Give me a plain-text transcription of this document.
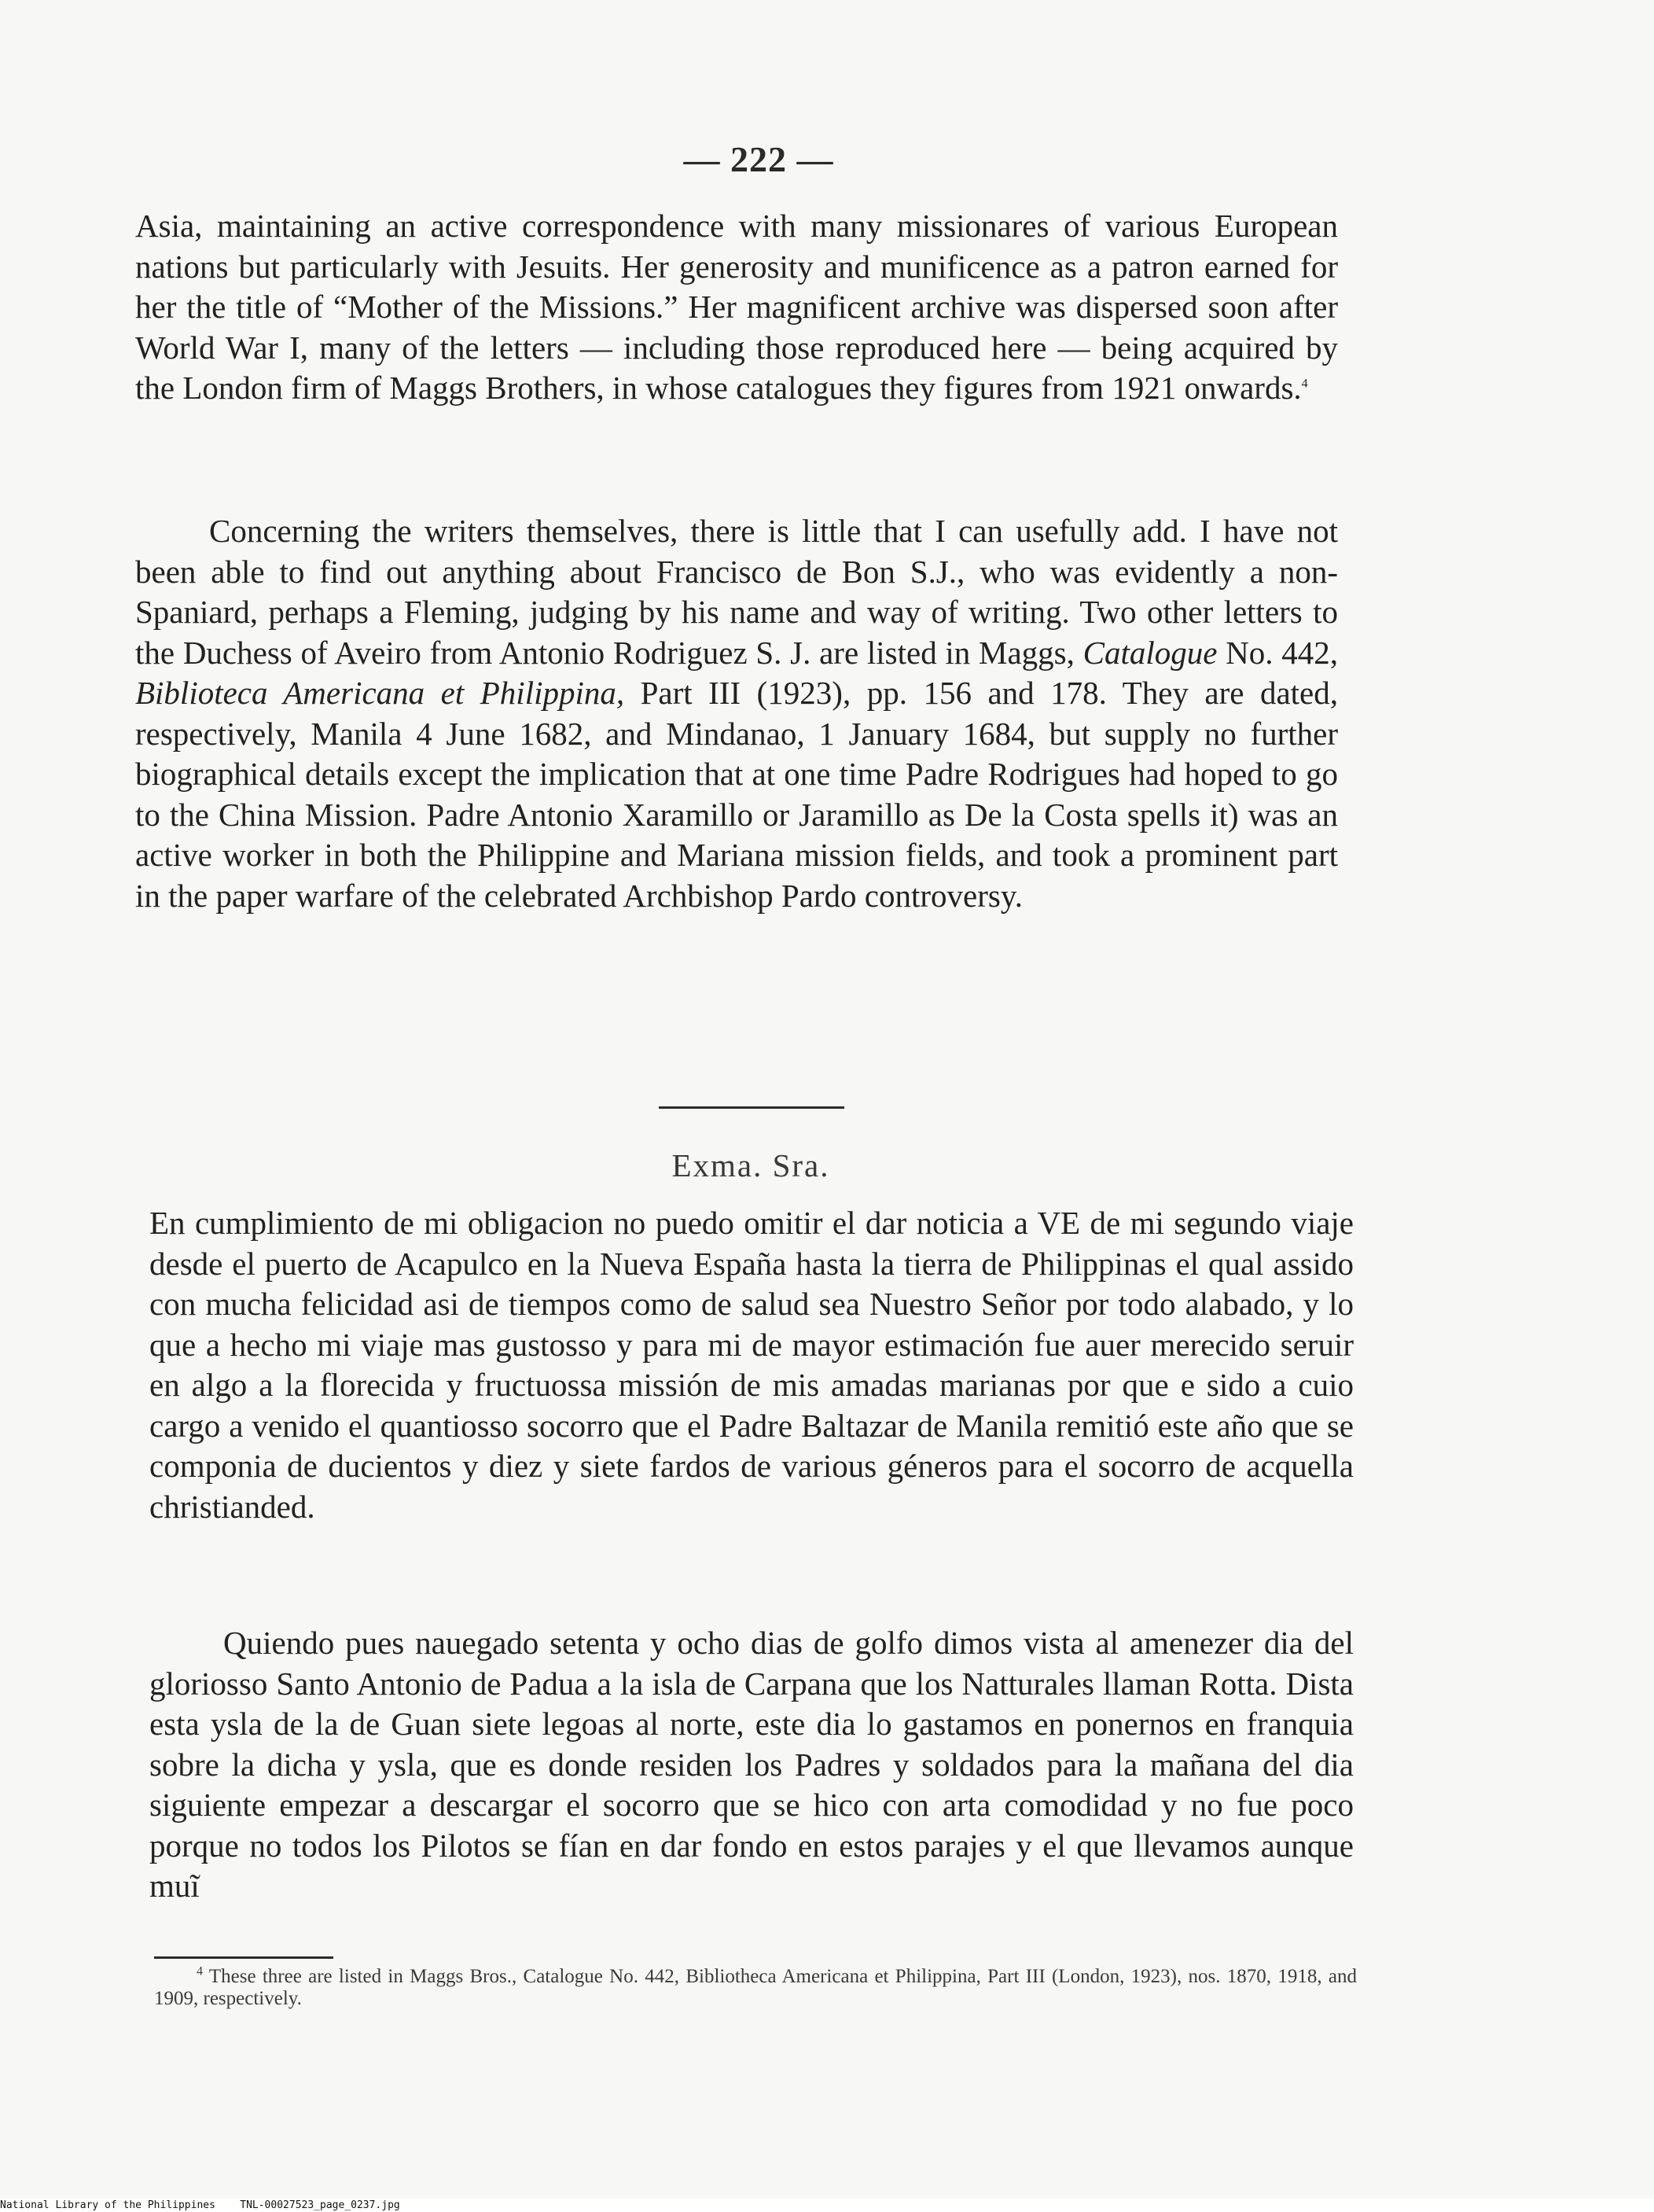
— 222 —

Asia, maintaining an active correspondence with many missionares of various European nations but particularly with Jesuits. Her generosity and munificence as a patron earned for her the title of “Mother of the Missions.” Her magnificent archive was dispersed soon after World War I, many of the letters — including those reproduced here — being acquired by the London firm of Maggs Brothers, in whose catalogues they figures from 1921 onwards.$^4$

Concerning the writers themselves, there is little that I can usefully add. I have not been able to find out anything about Francisco de Bon S.J., who was evidently a non-Spaniard, perhaps a Fleming, judging by his name and way of writing. Two other letters to the Duchess of Aveiro from Antonio Rodriguez S. J. are listed in Maggs, Catalogue No. 442, Biblioteca Americana et Philippina, Part III (1923), pp. 156 and 178. They are dated, respectively, Manila 4 June 1682, and Mindanao, 1 January 1684, but supply no further biographical details except the implication that at one time Padre Rodrigues had hoped to go to the China Mission. Padre Antonio Xaramillo or Jaramillo as De la Costa spells it) was an active worker in both the Philippine and Mariana mission fields, and took a prominent part in the paper warfare of the celebrated Archbishop Pardo controversy.

Exma. Sra.

En cumplimiento de mi obligacion no puedo omitir el dar noticia a VE de mi segundo viaje desde el puerto de Acapulco en la Nueva España hasta la tierra de Philippinas el qual assido con mucha felicidad asi de tiempos como de salud sea Nuestro Señor por todo alabado, y lo que a hecho mi viaje mas gustosso y para mi de mayor estimación fue auer merecido seruir en algo a la florecida y fructuossa missión de mis amadas marianas por que e sido a cuio cargo a venido el quantiosso socorro que el Padre Baltazar de Manila remitió este año que se componia de ducientos y diez y siete fardos de various géneros para el socorro de acquella christianded.

Quiendo pues nauegado setenta y ocho dias de golfo dimos vista al amenezer dia del gloriosso Santo Antonio de Padua a la isla de Carpana que los Natturales llaman Rotta. Dista esta ysla de la de Guan siete legoas al norte, este dia lo gastamos en ponernos en franquia sobre la dicha y ysla, que es donde residen los Padres y soldados para la mañana del dia siguiente empezar a descargar el socorro que se hico con arta comodidad y no fue poco porque no todos los Pilotos se fían en dar fondo en estos parajes y el que llevamos aunque muĩ

$^4$ These three are listed in Maggs Bros., Catalogue No. 442, Bibliotheca Americana et Philippina, Part III (London, 1923), nos. 1870, 1918, and 1909, respectively.

National Library of the Philippines TNL-00027523_page_0237.jpg
